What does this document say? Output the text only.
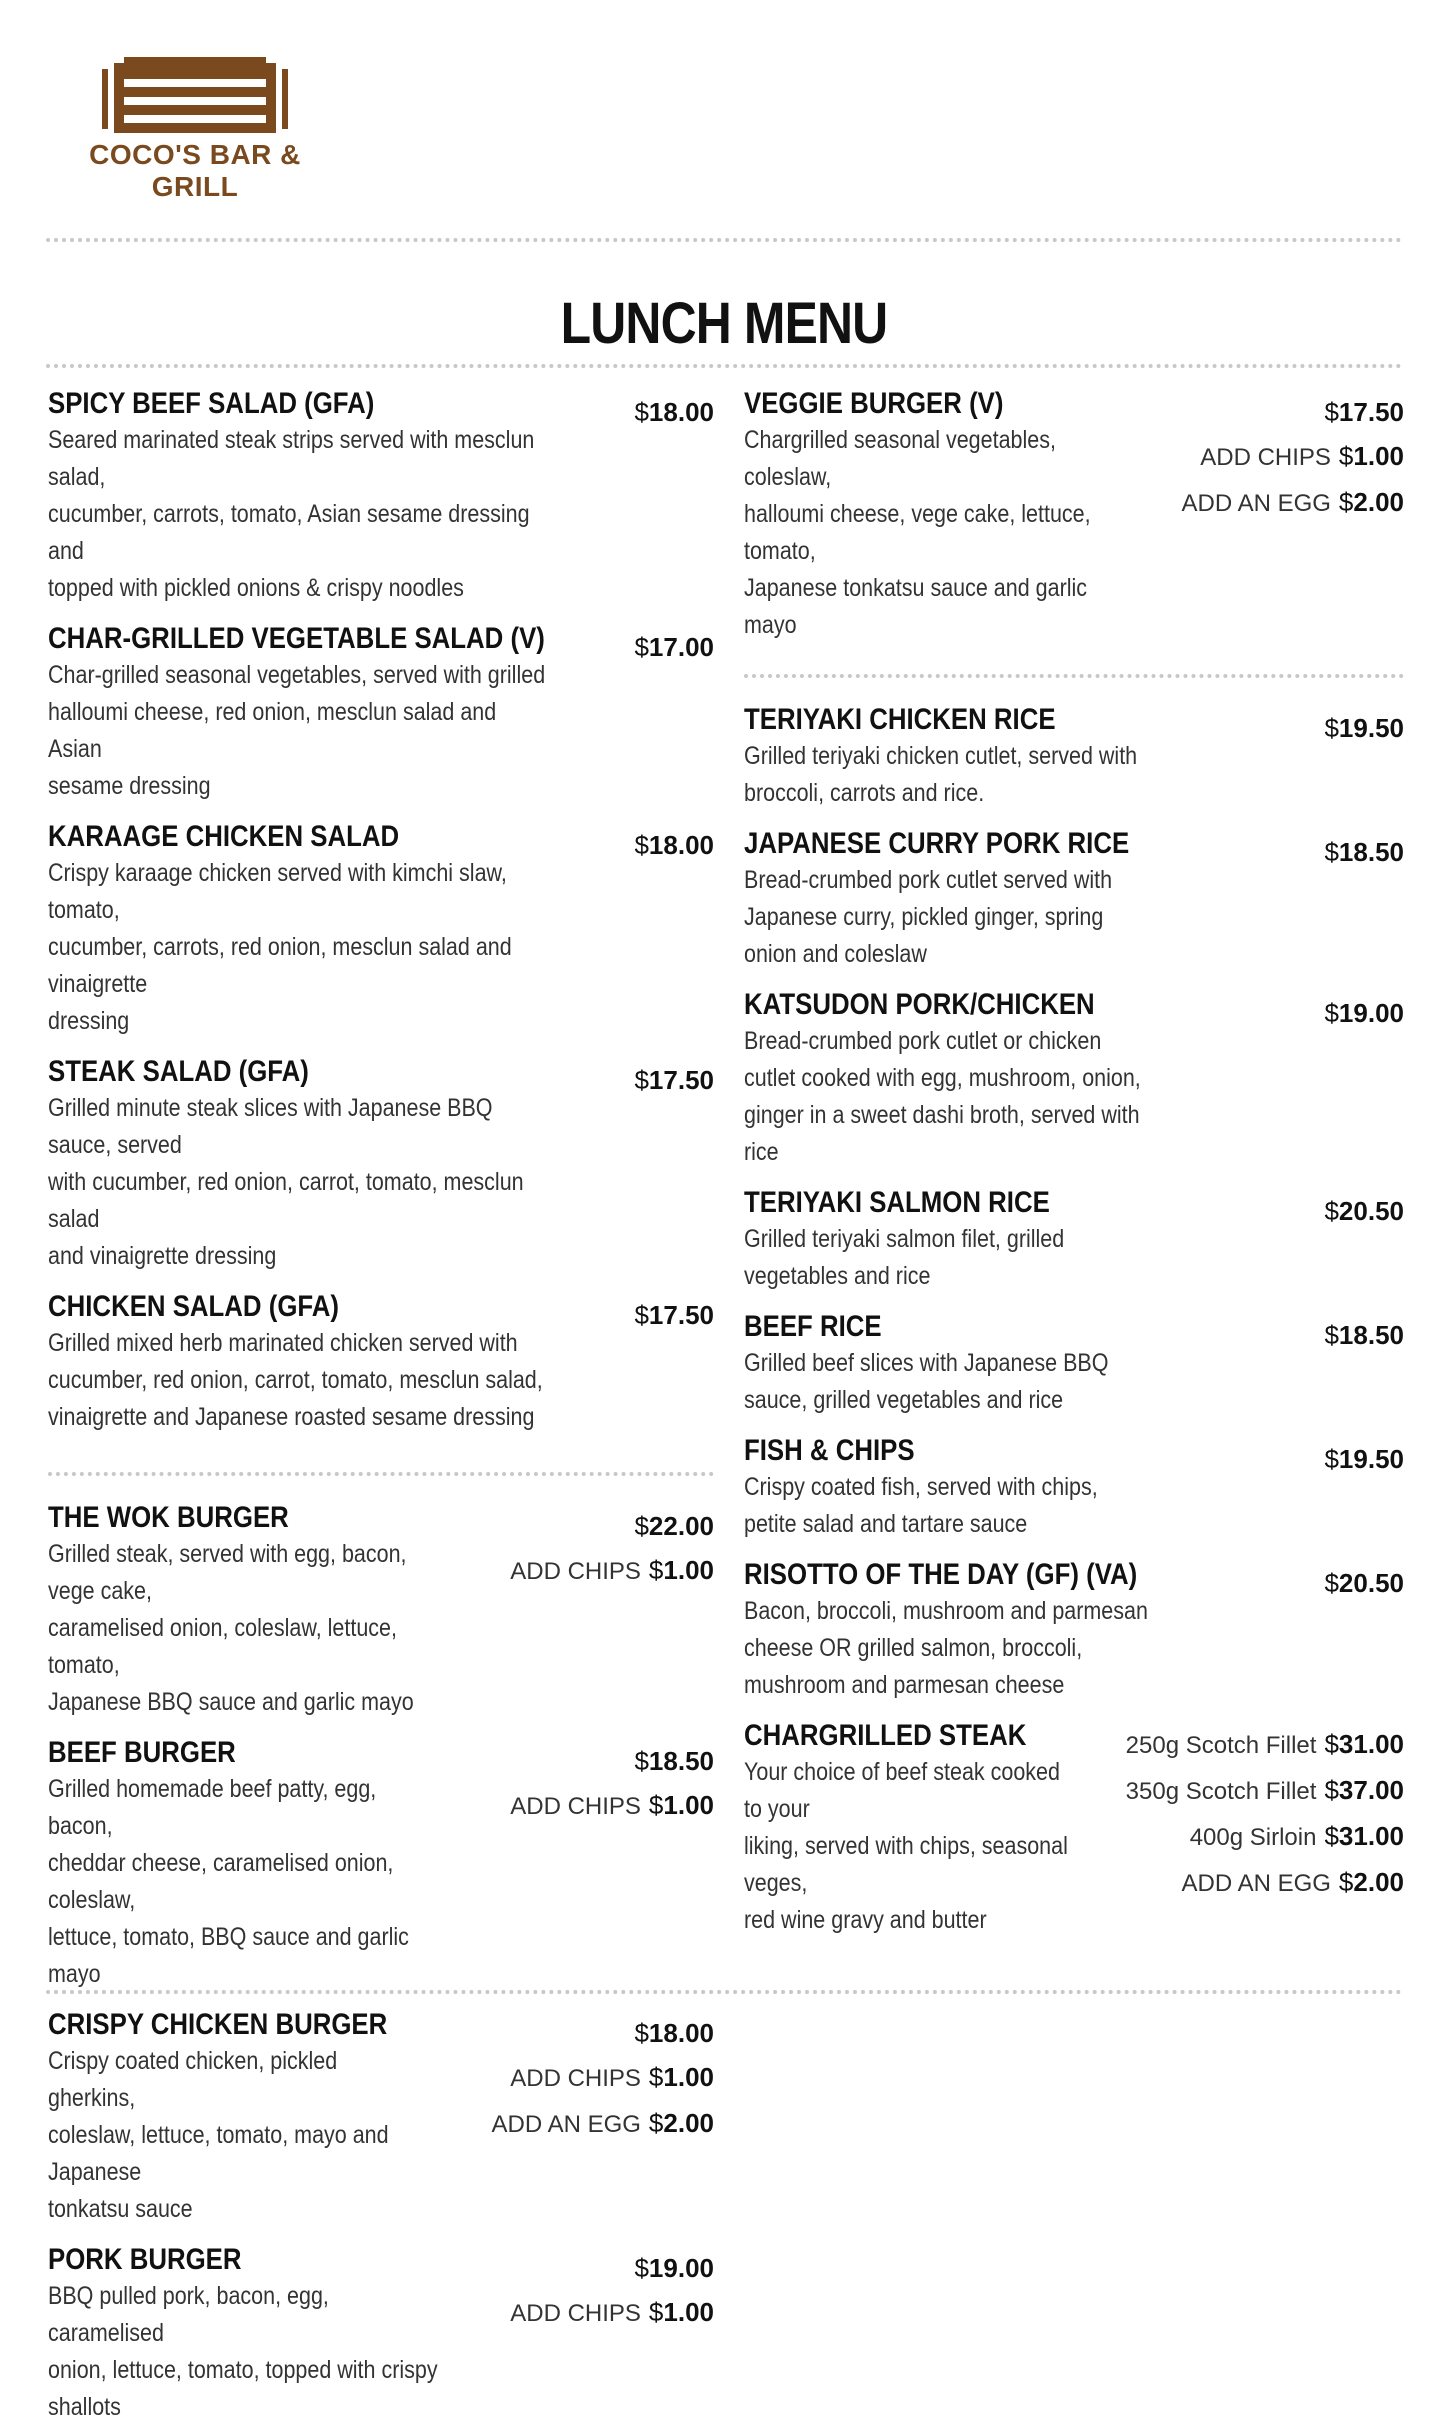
COCO'S BAR & GRILL
LUNCH MENU
SPICY BEEF SALAD (GFA)
Seared marinated steak strips served with mesclun salad,
cucumber, carrots, tomato, Asian sesame dressing and
topped with pickled onions & crispy noodles
$18.00
CHAR-GRILLED VEGETABLE SALAD (V)
Char-grilled seasonal vegetables, served with grilled
halloumi cheese, red onion, mesclun salad and Asian
sesame dressing
$17.00
KARAAGE CHICKEN SALAD
Crispy karaage chicken served with kimchi slaw, tomato,
cucumber, carrots, red onion, mesclun salad and vinaigrette
dressing
$18.00
STEAK SALAD (GFA)
Grilled minute steak slices with Japanese BBQ sauce, served
with cucumber, red onion, carrot, tomato, mesclun salad
and vinaigrette dressing
$17.50
CHICKEN SALAD (GFA)
Grilled mixed herb marinated chicken served with
cucumber, red onion, carrot, tomato, mesclun salad,
vinaigrette and Japanese roasted sesame dressing
$17.50
THE WOK BURGER
Grilled steak, served with egg, bacon, vege cake,
caramelised onion, coleslaw, lettuce, tomato,
Japanese BBQ sauce and garlic mayo
$22.00
ADD CHIPS $1.00
BEEF BURGER
Grilled homemade beef patty, egg, bacon,
cheddar cheese, caramelised onion, coleslaw,
lettuce, tomato, BBQ sauce and garlic mayo
$18.50
ADD CHIPS $1.00
CRISPY CHICKEN BURGER
Crispy coated chicken, pickled gherkins,
coleslaw, lettuce, tomato, mayo and Japanese
tonkatsu sauce
$18.00
ADD CHIPS $1.00
ADD AN EGG $2.00
PORK BURGER
BBQ pulled pork, bacon, egg, caramelised
onion, lettuce, tomato, topped with crispy
shallots
$19.00
ADD CHIPS $1.00
VEGGIE BURGER (V)
Chargrilled seasonal vegetables, coleslaw,
halloumi cheese, vege cake, lettuce, tomato,
Japanese tonkatsu sauce and garlic mayo
$17.50
ADD CHIPS $1.00
ADD AN EGG $2.00
TERIYAKI CHICKEN RICE
Grilled teriyaki chicken cutlet, served with
broccoli, carrots and rice.
$19.50
JAPANESE CURRY PORK RICE
Bread-crumbed pork cutlet served with
Japanese curry, pickled ginger, spring
onion and coleslaw
$18.50
KATSUDON PORK/CHICKEN
Bread-crumbed pork cutlet or chicken
cutlet cooked with egg, mushroom, onion,
ginger in a sweet dashi broth, served with
rice
$19.00
TERIYAKI SALMON RICE
Grilled teriyaki salmon filet, grilled
vegetables and rice
$20.50
BEEF RICE
Grilled beef slices with Japanese BBQ
sauce, grilled vegetables and rice
$18.50
FISH & CHIPS
Crispy coated fish, served with chips,
petite salad and tartare sauce
$19.50
RISOTTO OF THE DAY (GF) (VA)
Bacon, broccoli, mushroom and parmesan
cheese OR grilled salmon, broccoli,
mushroom and parmesan cheese
$20.50
CHARGRILLED STEAK
Your choice of beef steak cooked to your
liking, served with chips, seasonal veges,
red wine gravy and butter
250g Scotch Fillet $31.00
350g Scotch Fillet $37.00
400g Sirloin $31.00
ADD AN EGG $2.00
